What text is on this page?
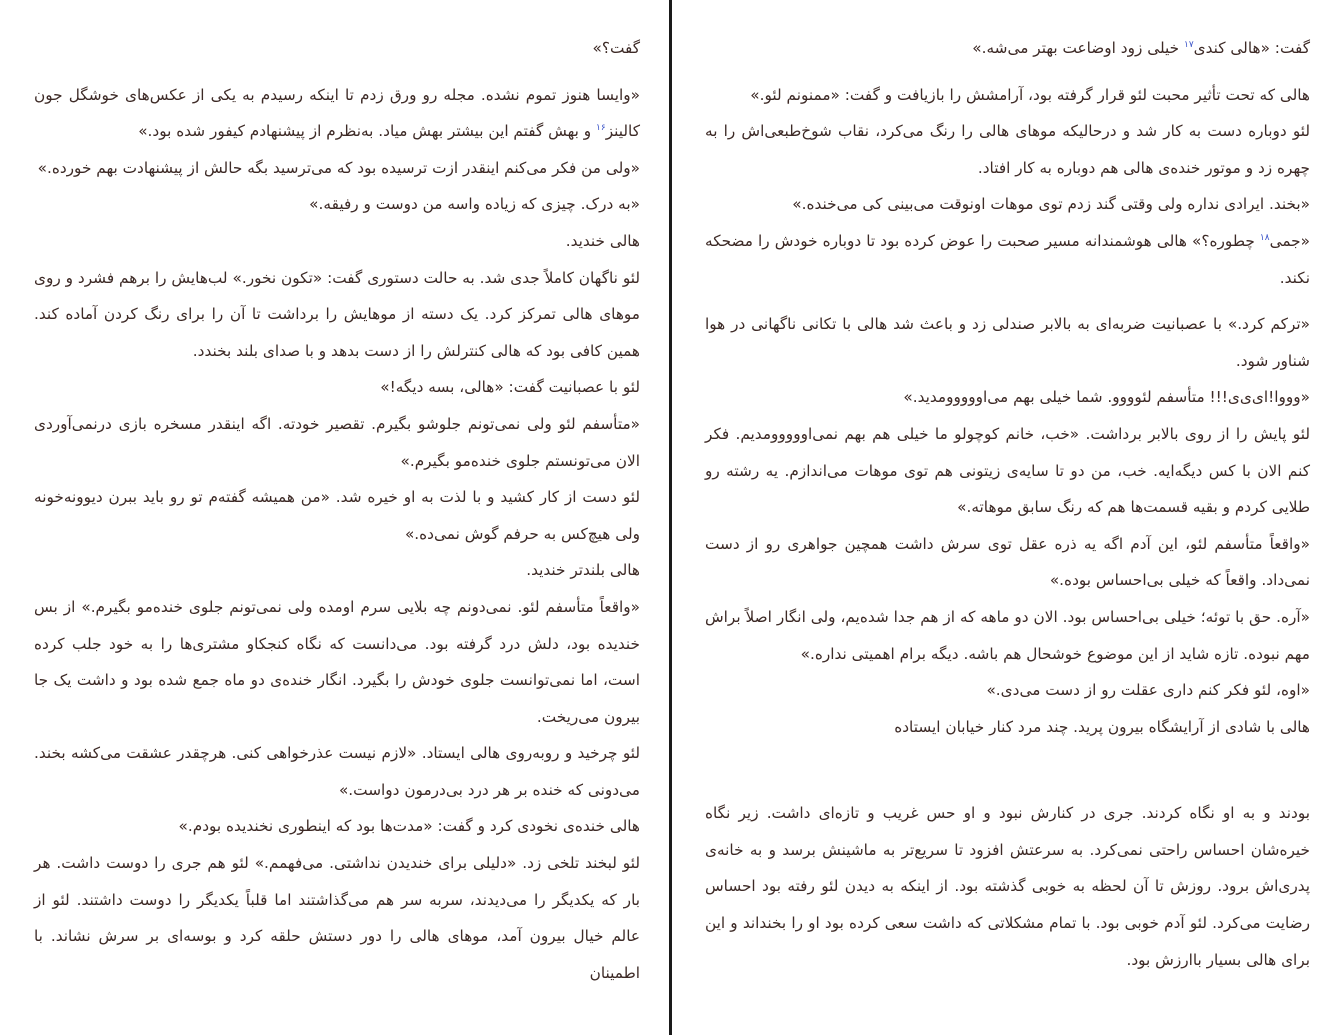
گفت؟»

«وایسا هنوز تموم نشده. مجله رو ورق زدم تا اینکه رسیدم به یکی از عکس‌های خوشگل جون کالینز$^{۱۶}$ و بهش گفتم این بیشتر بهش میاد. به‌نظرم از پیشنهادم کیفور شده بود.»

«ولی من فکر می‌کنم اینقدر ازت ترسیده بود که می‌ترسید بگه حالش از پیشنهادت بهم خورده.»

«به درک. چیزی که زیاده واسه من دوست و رفیقه.»

هالی خندید.

لئو ناگهان کاملاً جدی شد. به حالت دستوری گفت: «تکون نخور.» لب‌هایش را برهم فشرد و روی موهای هالی تمرکز کرد. یک دسته از موهایش را برداشت تا آن را برای رنگ کردن آماده کند. همین کافی بود که هالی کنترلش را از دست بدهد و با صدای بلند بخندد.

لئو با عصبانیت گفت: «هالی، بسه دیگه!»

«متأسفم لئو ولی نمی‌تونم جلوشو بگیرم. تقصیر خودته. اگه اینقدر مسخره بازی درنمی‌آوردی الان می‌تونستم جلوی خنده‌مو بگیرم.»

لئو دست از کار کشید و با لذت به او خیره شد. «من همیشه گفته‌م تو رو باید ببرن دیوونه‌خونه ولی هیچ‌کس به حرفم گوش نمی‌ده.»

هالی بلندتر خندید.

«واقعاً متأسفم لئو. نمی‌دونم چه بلایی سرم اومده ولی نمی‌تونم جلوی خنده‌مو بگیرم.» از بس خندیده بود، دلش درد گرفته بود. می‌دانست که نگاه کنجکاو مشتری‌ها را به خود جلب کرده است، اما نمی‌توانست جلوی خودش را بگیرد. انگار خنده‌ی دو ماه جمع شده بود و داشت یک جا بیرون می‌ریخت.

لئو چرخید و روبه‌روی هالی ایستاد. «لازم نیست عذرخواهی کنی. هرچقدر عشقت می‌کشه بخند. می‌دونی که خنده بر هر درد بی‌درمون دواست.»

هالی خنده‌ی نخودی کرد و گفت: «مدت‌ها بود که اینطوری نخندیده بودم.»

لئو لبخند تلخی زد. «دلیلی برای خندیدن نداشتی. می‌فهمم.» لئو هم جری را دوست داشت. هر بار که یکدیگر را می‌دیدند، سربه سر هم می‌گذاشتند اما قلباً یکدیگر را دوست داشتند. لئو از عالم خیال بیرون آمد، موهای هالی را دور دستش حلقه کرد و بوسه‌ای بر سرش نشاند. با اطمینان

گفت: «هالی کندی$^{۱۷}$ خیلی زود اوضاعت بهتر می‌شه.»

هالی که تحت تأثیر محبت لئو قرار گرفته بود، آرامشش را بازیافت و گفت: «ممنونم لئو.»

لئو دوباره دست به کار شد و درحالیکه موهای هالی را رنگ می‌کرد، نقاب شوخ‌طبعی‌اش را به چهره زد و موتور خنده‌ی هالی هم دوباره به کار افتاد.

«بخند. ایرادی نداره ولی وقتی گند زدم توی موهات اونوقت می‌بینی کی می‌خنده.»

«جمی$^{۱۸}$ چطوره؟» هالی هوشمندانه مسیر صحبت را عوض کرده بود تا دوباره خودش را مضحکه نکند.

«ترکم کرد.» با عصبانیت ضربه‌ای به بالابر صندلی زد و باعث شد هالی با تکانی ناگهانی در هوا شناور شود.

«وووا!ای‌ی‌ی!!! متأسفم لئوووو. شما خیلی بهم می‌اووووومدید.»

لئو پایش را از روی بالابر برداشت. «خب، خانم کوچولو ما خیلی هم بهم نمی‌اووووومدیم. فکر کنم الان با کس دیگه‌ایه. خب، من دو تا سایه‌ی زیتونی هم توی موهات می‌اندازم. یه رشته رو طلایی کردم و بقیه قسمت‌ها هم که رنگ سابق موهاته.»

«واقعاً متأسفم لئو، این آدم اگه یه ذره عقل توی سرش داشت همچین جواهری رو از دست نمی‌داد. واقعاً که خیلی بی‌احساس بوده.»

«آره. حق با توئه؛ خیلی بی‌احساس بود. الان دو ماهه که از هم جدا شده‌یم، ولی انگار اصلاً براش مهم نبوده. تازه شاید از این موضوع خوشحال هم باشه. دیگه برام اهمیتی نداره.»

«اوه، لئو فکر کنم داری عقلت رو از دست می‌دی.»

هالی با شادی از آرایشگاه بیرون پرید. چند مرد کنار خیابان ایستاده

بودند و به او نگاه کردند. جری در کنارش نبود و او حس غریب و تازه‌ای داشت. زیر نگاه خیره‌شان احساس راحتی نمی‌کرد. به سرعتش افزود تا سریع‌تر به ماشینش برسد و به خانه‌ی پدری‌اش برود. روزش تا آن لحظه به خوبی گذشته بود. از اینکه به دیدن لئو رفته بود احساس رضایت می‌کرد. لئو آدم خوبی بود. با تمام مشکلاتی که داشت سعی کرده بود او را بخنداند و این برای هالی بسیار باارزش بود.
